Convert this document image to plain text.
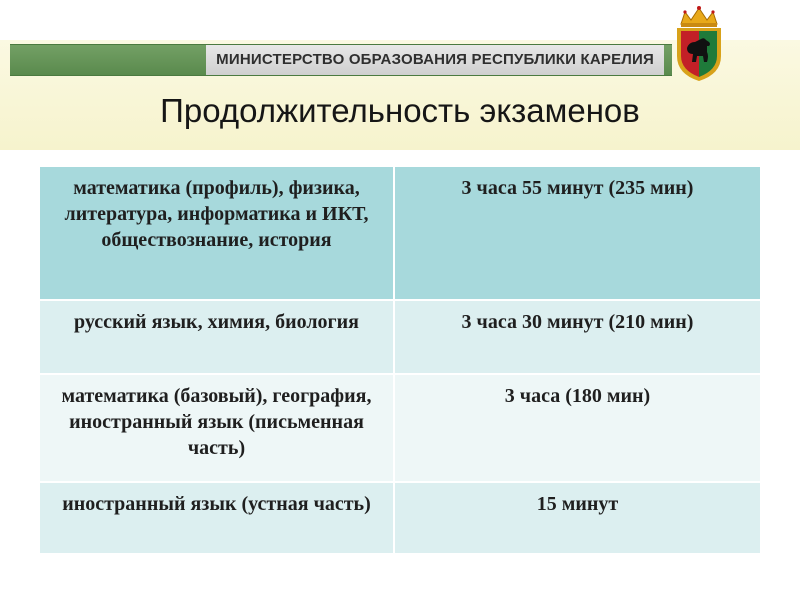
МИНИСТЕРСТВО ОБРАЗОВАНИЯ РЕСПУБЛИКИ КАРЕЛИЯ
Продолжительность экзаменов
математика (профиль), физика, литература, информатика и ИКТ, обществознание, история	3 часа 55 минут (235 мин)
русский язык, химия, биология	3 часа 30 минут (210 мин)
математика (базовый), география, иностранный язык (письменная часть)	3 часа (180 мин)
иностранный язык (устная часть)	15 минут
